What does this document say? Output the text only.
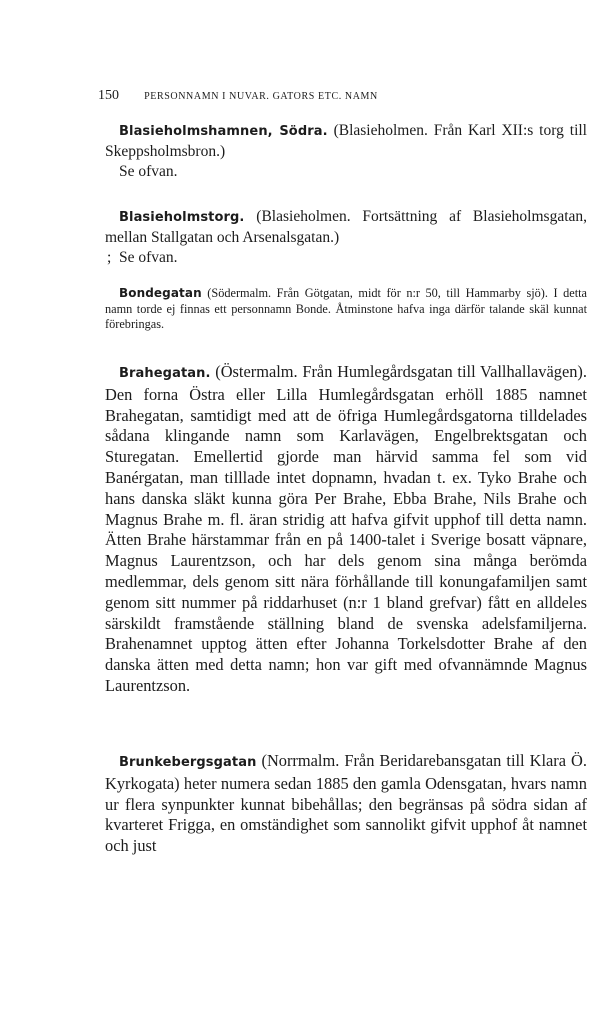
150	PERSONNAMN I NUVAR. GATORS ETC. NAMN

Blasieholmshamnen, Södra. (Blasieholmen. Från Karl XII:s torg till Skeppsholmsbron.)

Se ofvan.

Blasieholmstorg. (Blasieholmen. Fortsättning af Blasieholmsgatan, mellan Stallgatan och Arsenalsgatan.)

; Se ofvan.

Bondegatan (Södermalm. Från Götgatan, midt för n:r 50, till Hammarby sjö). I detta namn torde ej finnas ett personnamn Bonde. Åtminstone hafva inga därför talande skäl kunnat förebringas.

Brahegatan. (Östermalm. Från Humlegårdsgatan till Vallhallavägen). Den forna Östra eller Lilla Humlegårdsgatan erhöll 1885 namnet Brahegatan, samtidigt med att de öfriga Humlegårdsgatorna tilldelades sådana klingande namn som Karlavägen, Engelbrektsgatan och Sturegatan. Emellertid gjorde man härvid samma fel som vid Banérgatan, man tilllade intet dopnamn, hvadan t. ex. Tyko Brahe och hans danska släkt kunna göra Per Brahe, Ebba Brahe, Nils Brahe och Magnus Brahe m. fl. äran stridig att hafva gifvit upphof till detta namn. Ätten Brahe härstammar från en på 1400-talet i Sverige bosatt väpnare, Magnus Laurentzson, och har dels genom sina många berömda medlemmar, dels genom sitt nära förhållande till konungafamiljen samt genom sitt nummer på riddarhuset (n:r 1 bland grefvar) fått en alldeles särskildt framstående ställning bland de svenska adelsfamiljerna. Brahenamnet upptog ätten efter Johanna Torkelsdotter Brahe af den danska ätten med detta namn; hon var gift med ofvannämnde Magnus Laurentzson.

Brunkebergsgatan (Norrmalm. Från Beridarebansgatan till Klara Ö. Kyrkogata) heter numera sedan 1885 den gamla Odensgatan, hvars namn ur flera synpunkter kunnat bibehållas; den begränsas på södra sidan af kvarteret Frigga, en omständighet som sannolikt gifvit upphof åt namnet och just
